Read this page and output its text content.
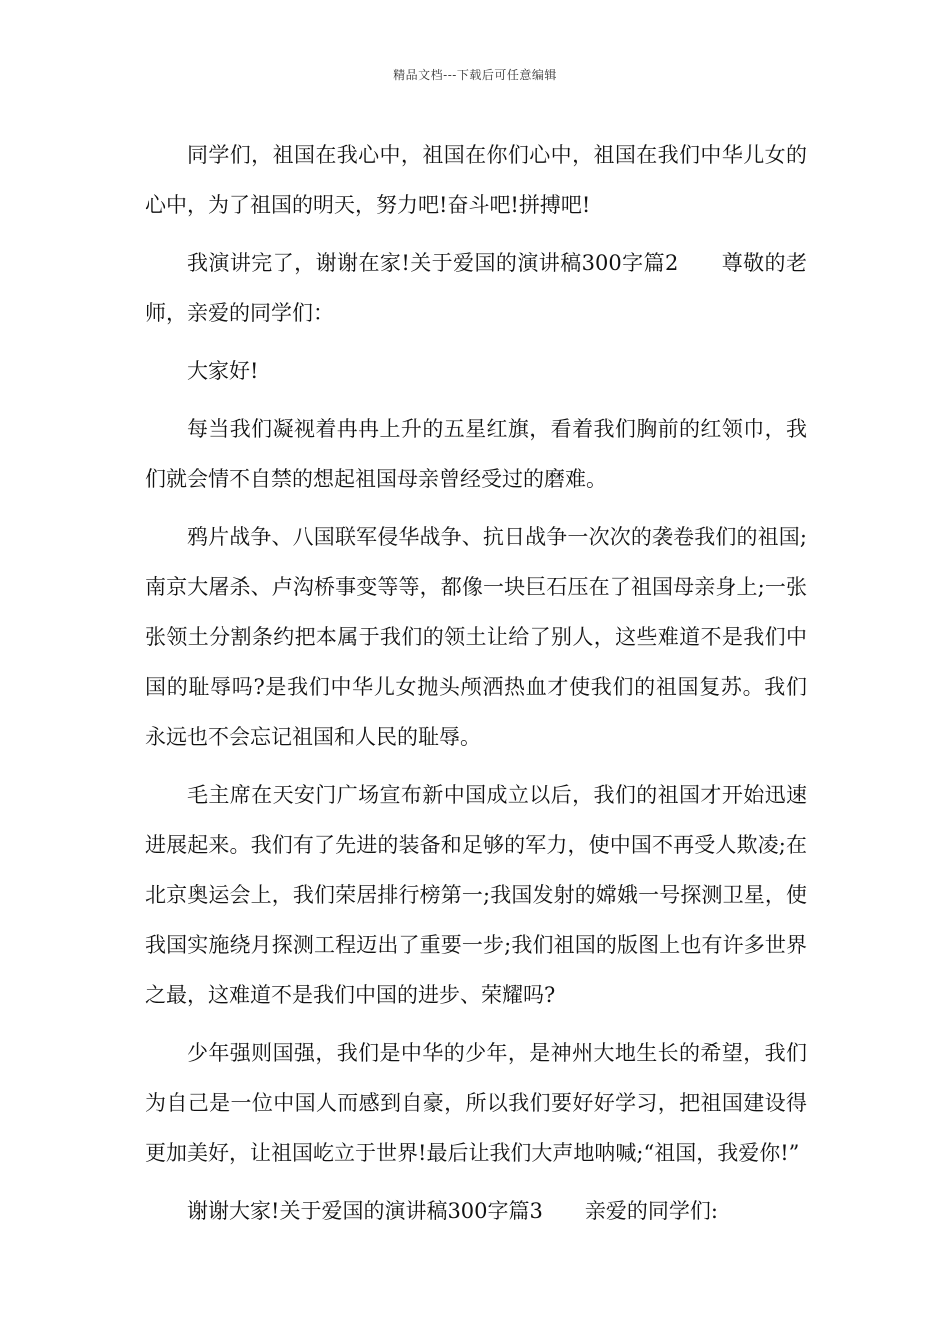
精品文档---下载后可任意编辑

同学们，祖国在我心中，祖国在你们心中，祖国在我们中华儿女的心中，为了祖国的明天，努力吧!奋斗吧!拼搏吧!

我演讲完了，谢谢在家!关于爱国的演讲稿300字篇2　　尊敬的老师，亲爱的同学们：

大家好!

每当我们凝视着冉冉上升的五星红旗，看着我们胸前的红领巾，我们就会情不自禁的想起祖国母亲曾经受过的磨难。

鸦片战争、八国联军侵华战争、抗日战争一次次的袭卷我们的祖国;南京大屠杀、卢沟桥事变等等，都像一块巨石压在了祖国母亲身上;一张张领土分割条约把本属于我们的领土让给了别人，这些难道不是我们中国的耻辱吗?是我们中华儿女抛头颅洒热血才使我们的祖国复苏。我们永远也不会忘记祖国和人民的耻辱。

毛主席在天安门广场宣布新中国成立以后，我们的祖国才开始迅速进展起来。我们有了先进的装备和足够的军力，使中国不再受人欺凌;在北京奥运会上，我们荣居排行榜第一;我国发射的嫦娥一号探测卫星，使我国实施绕月探测工程迈出了重要一步;我们祖国的版图上也有许多世界之最，这难道不是我们中国的进步、荣耀吗?

少年强则国强，我们是中华的少年，是神州大地生长的希望，我们为自己是一位中国人而感到自豪，所以我们要好好学习，把祖国建设得更加美好，让祖国屹立于世界!最后让我们大声地呐喊;“祖国，我爱你!”

谢谢大家!关于爱国的演讲稿300字篇3　　亲爱的同学们:
